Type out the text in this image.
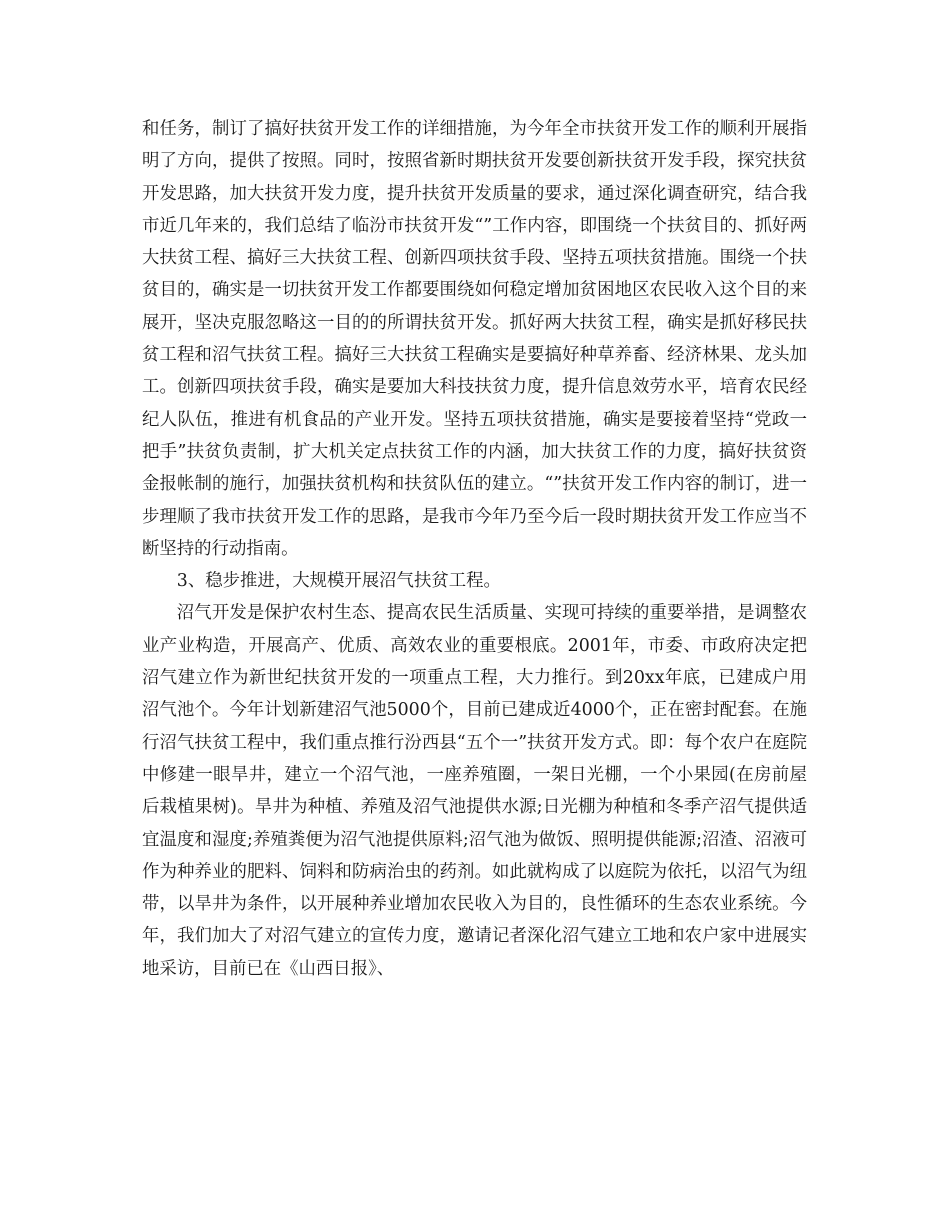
和任务，制订了搞好扶贫开发工作的详细措施，为今年全市扶贫开发工作的顺利开展指明了方向，提供了按照。同时，按照省新时期扶贫开发要创新扶贫开发手段，探究扶贫开发思路，加大扶贫开发力度，提升扶贫开发质量的要求，通过深化调查研究，结合我市近几年来的，我们总结了临汾市扶贫开发“”工作内容，即围绕一个扶贫目的、抓好两大扶贫工程、搞好三大扶贫工程、创新四项扶贫手段、坚持五项扶贫措施。围绕一个扶贫目的，确实是一切扶贫开发工作都要围绕如何稳定增加贫困地区农民收入这个目的来展开，坚决克服忽略这一目的的所谓扶贫开发。抓好两大扶贫工程，确实是抓好移民扶贫工程和沼气扶贫工程。搞好三大扶贫工程确实是要搞好种草养畜、经济林果、龙头加工。创新四项扶贫手段，确实是要加大科技扶贫力度，提升信息效劳水平，培育农民经纪人队伍，推进有机食品的产业开发。坚持五项扶贫措施，确实是要接着坚持“党政一把手”扶贫负责制，扩大机关定点扶贫工作的内涵，加大扶贫工作的力度，搞好扶贫资金报帐制的施行，加强扶贫机构和扶贫队伍的建立。“”扶贫开发工作内容的制订，进一步理顺了我市扶贫开发工作的思路，是我市今年乃至今后一段时期扶贫开发工作应当不断坚持的行动指南。

3、稳步推进，大规模开展沼气扶贫工程。

沼气开发是保护农村生态、提高农民生活质量、实现可持续的重要举措，是调整农业产业构造，开展高产、优质、高效农业的重要根底。2001年，市委、市政府决定把沼气建立作为新世纪扶贫开发的一项重点工程，大力推行。到20xx年底，已建成户用沼气池个。今年计划新建沼气池5000个，目前已建成近4000个，正在密封配套。在施行沼气扶贫工程中，我们重点推行汾西县“五个一”扶贫开发方式。即：每个农户在庭院中修建一眼旱井，建立一个沼气池，一座养殖圈，一架日光棚，一个小果园(在房前屋后栽植果树)。旱井为种植、养殖及沼气池提供水源;日光棚为种植和冬季产沼气提供适宜温度和湿度;养殖粪便为沼气池提供原料;沼气池为做饭、照明提供能源;沼渣、沼液可作为种养业的肥料、饲料和防病治虫的药剂。如此就构成了以庭院为依托，以沼气为纽带，以旱井为条件，以开展种养业增加农民收入为目的，良性循环的生态农业系统。今年，我们加大了对沼气建立的宣传力度，邀请记者深化沼气建立工地和农户家中进展实地采访，目前已在《山西日报》、
